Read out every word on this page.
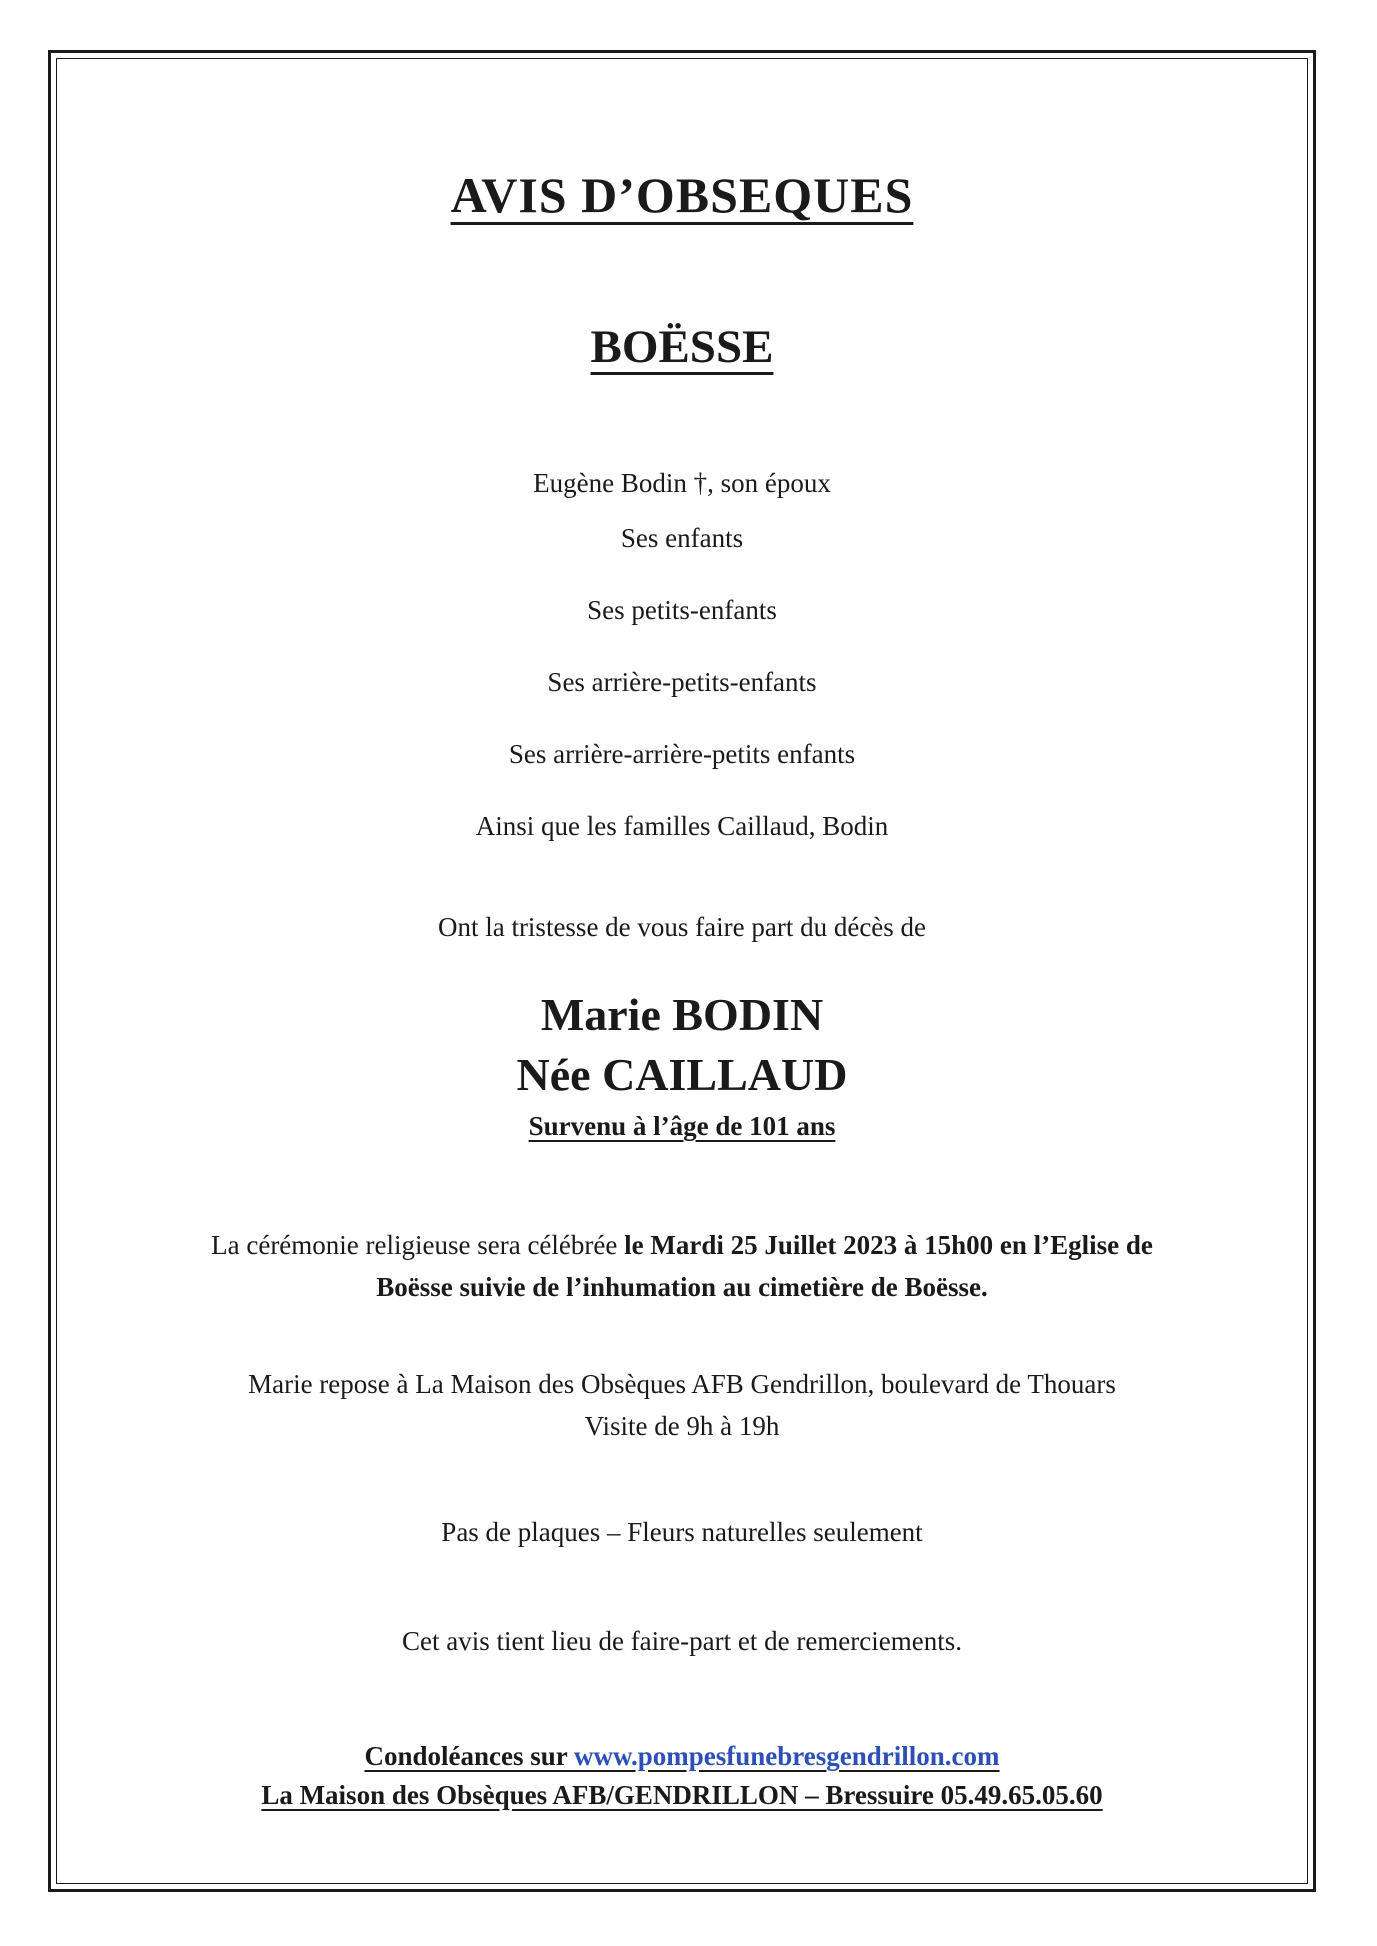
AVIS D’OBSEQUES
BOËSSE
Eugène Bodin †, son époux
Ses enfants
Ses petits-enfants
Ses arrière-petits-enfants
Ses arrière-arrière-petits enfants
Ainsi que les familles Caillaud, Bodin
Ont la tristesse de vous faire part du décès de
Marie BODIN
Née CAILLAUD
Survenu à l’âge de 101 ans
La cérémonie religieuse sera célébrée le Mardi 25 Juillet 2023 à 15h00 en l’Eglise de
Boësse suivie de l’inhumation au cimetière de Boësse.
Marie repose à La Maison des Obsèques AFB Gendrillon, boulevard de Thouars
Visite de 9h à 19h
Pas de plaques – Fleurs naturelles seulement
Cet avis tient lieu de faire-part et de remerciements.
Condoléances sur www.pompesfunebresgendrillon.com
La Maison des Obsèques AFB/GENDRILLON – Bressuire 05.49.65.05.60
